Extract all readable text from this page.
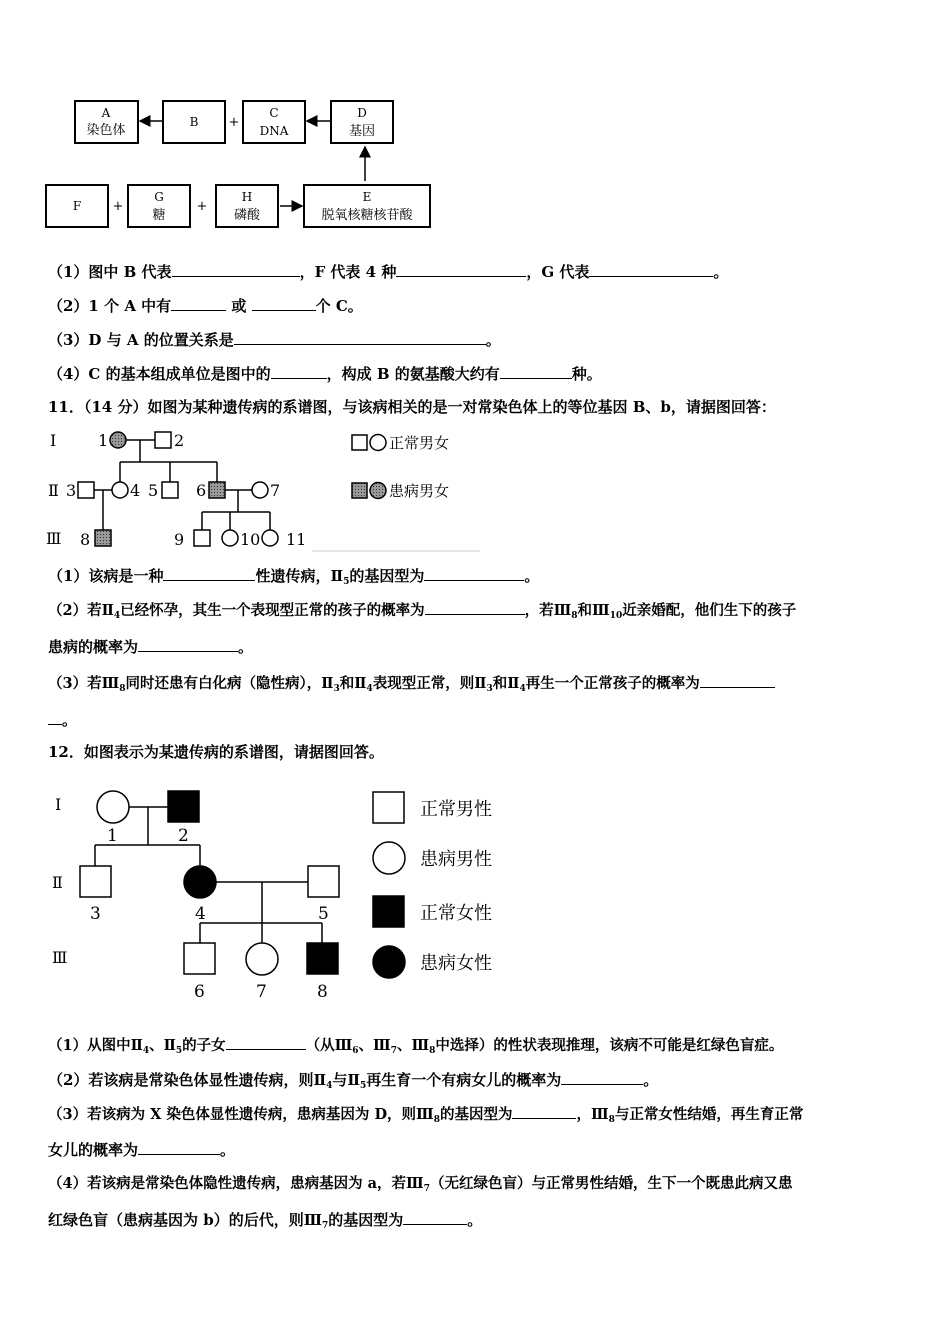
A
染色体
B +
C
DNA
D
基因
F +
G
糖
+
H
磷酸
E
脱氧核糖核苷酸
（1）图中 B 代表	，F 代表 4 种	，G 代表	。
（2）1 个 A 中有	或	个 C。
（3）D 与 A 的位置关系是	。
（4）C 的基本组成单位是图中的	，构成 B 的氨基酸大约有	种。
11．（14 分）如图为某种遗传病的系谱图，与该病相关的是一对常染色体上的等位基因 B、b，请据图回答：
Ⅰ
Ⅱ
Ⅲ
1	2
3	4 5 6	7
8	9	10 11
正常男女
患病男女
（1）该病是一种	性遗传病，$Ⅱ_5$的基因型为	。
（2）若$Ⅱ_4$已经怀孕，其生一个表现型正常的孩子的概率为	，若$Ⅲ_8$和$Ⅲ_{10}$近亲婚配，他们生下的孩子
患病的概率为	。
（3）若$Ⅲ_8$同时还患有白化病（隐性病），$Ⅱ_3$和$Ⅱ_4$表现型正常，则$Ⅱ_3$和$Ⅱ_4$再生一个正常孩子的概率为
。
12．如图表示为某遗传病的系谱图，请据图回答。
Ⅰ
Ⅱ
Ⅲ
1	2
3	4	5
6	7	8
正常男性
患病男性
正常女性
患病女性
（1）从图中$Ⅱ_4$、$Ⅱ_5$的子女	（从$Ⅲ_6$、$Ⅲ_7$、$Ⅲ_8$中选择）的性状表现推理，该病不可能是红绿色盲症。
（2）若该病是常染色体显性遗传病，则$Ⅱ_4$与$Ⅱ_5$再生育一个有病女儿的概率为	。
（3）若该病为 X 染色体显性遗传病，患病基因为 D，则$Ⅲ_8$的基因型为	，$Ⅲ_8$与正常女性结婚，再生育正常
女儿的概率为	。
（4）若该病是常染色体隐性遗传病，患病基因为 a，若$Ⅲ_7$（无红绿色盲）与正常男性结婚，生下一个既患此病又患
红绿色盲（患病基因为 b）的后代，则$Ⅲ_7$的基因型为	。
